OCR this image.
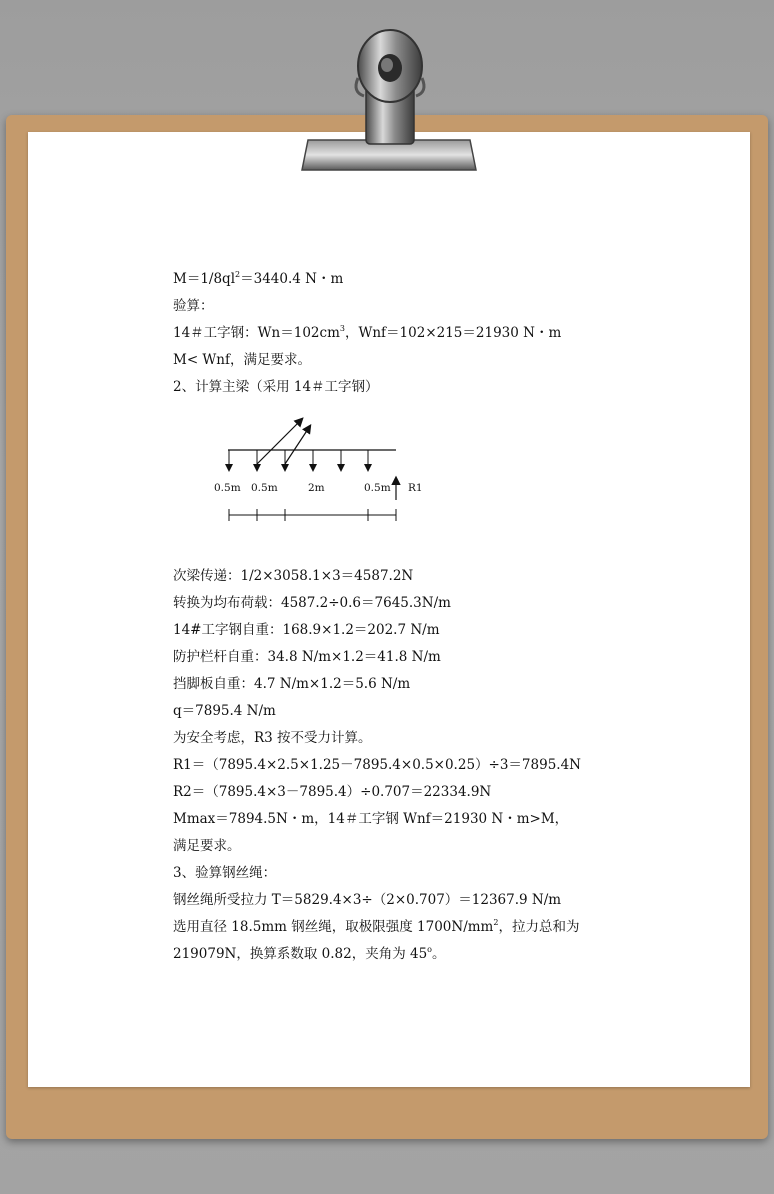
$M=1/8ql^2=3440.4$ N・m
验算：
14＃工字钢：$Wn=102cm^3$，Wnf＝102×215＝21930 N・m
M< Wnf，满足要求。
2、计算主梁（采用 14＃工字钢）
次梁传递：1/2×3058.1×3＝4587.2N
转换为均布荷载：4587.2÷0.6＝7645.3N/m
14#工字钢自重：168.9×1.2＝202.7 N/m
防护栏杆自重：34.8 N/m×1.2＝41.8 N/m
挡脚板自重：4.7 N/m×1.2＝5.6 N/m
q＝7895.4 N/m
为安全考虑，R3 按不受力计算。
R1＝（7895.4×2.5×1.25－7895.4×0.5×0.25）÷3＝7895.4N
R2＝（7895.4×3－7895.4）÷0.707＝22334.9N
Mmax＝7894.5N・m，14＃工字钢 Wnf＝21930 N・m>M，
满足要求。
3、验算钢丝绳：
钢丝绳所受拉力 T＝5829.4×3÷（2×0.707）＝12367.9 N/m
选用直径 18.5mm 钢丝绳，取极限强度 $1700N/mm^2$，拉力总和为
219079N，换算系数取 0.82，夹角为 45$^o$。
R1
0.5m 0.5m	2m	0.5m
